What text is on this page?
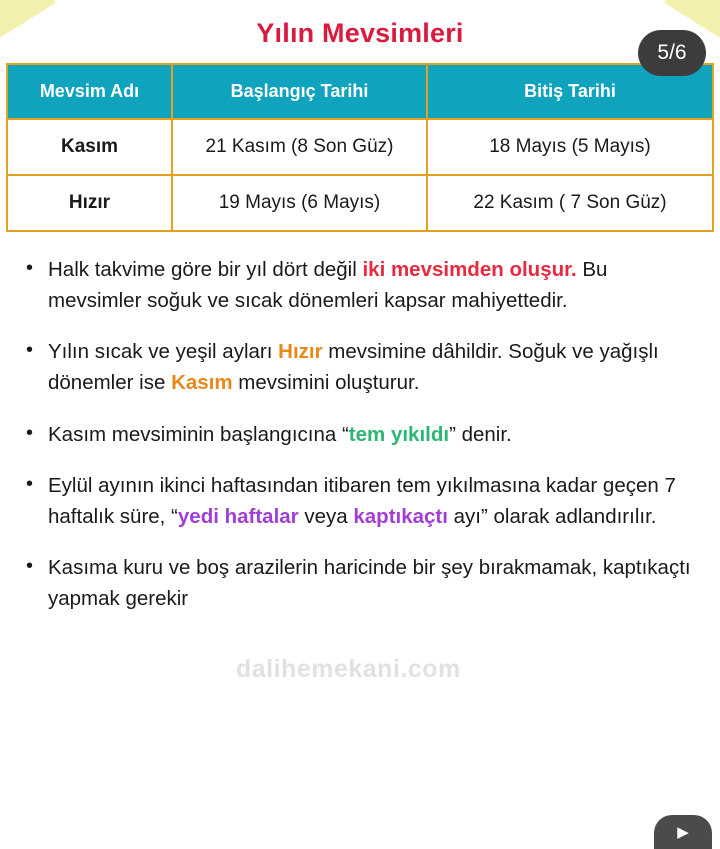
Yılın Mevsimleri
5/6
Mevsim Adı	Başlangıç Tarihi	Bitiş Tarihi
Kasım	21 Kasım (8 Son Güz)	18 Mayıs (5 Mayıs)
Hızır	19 Mayıs (6 Mayıs)	22 Kasım ( 7 Son Güz)
• Halk takvime göre bir yıl dört değil iki mevsimden oluşur. Bu mevsimler soğuk ve sıcak dönemleri kapsar mahiyettedir.
• Yılın sıcak ve yeşil ayları Hızır mevsimine dâhildir. Soğuk ve yağışlı dönemler ise Kasım mevsimini oluşturur.
• Kasım mevsiminin başlangıcına “tem yıkıldı” denir.
• Eylül ayının ikinci haftasından itibaren tem yıkılmasına kadar geçen 7 haftalık süre, “yedi haftalar veya kaptıkaçtı ayı” olarak adlandırılır.
• Kasıma kuru ve boş arazilerin haricinde bir şey bırakmamak, kaptıkaçtı yapmak gerekir
dalihemekani.com
▶
